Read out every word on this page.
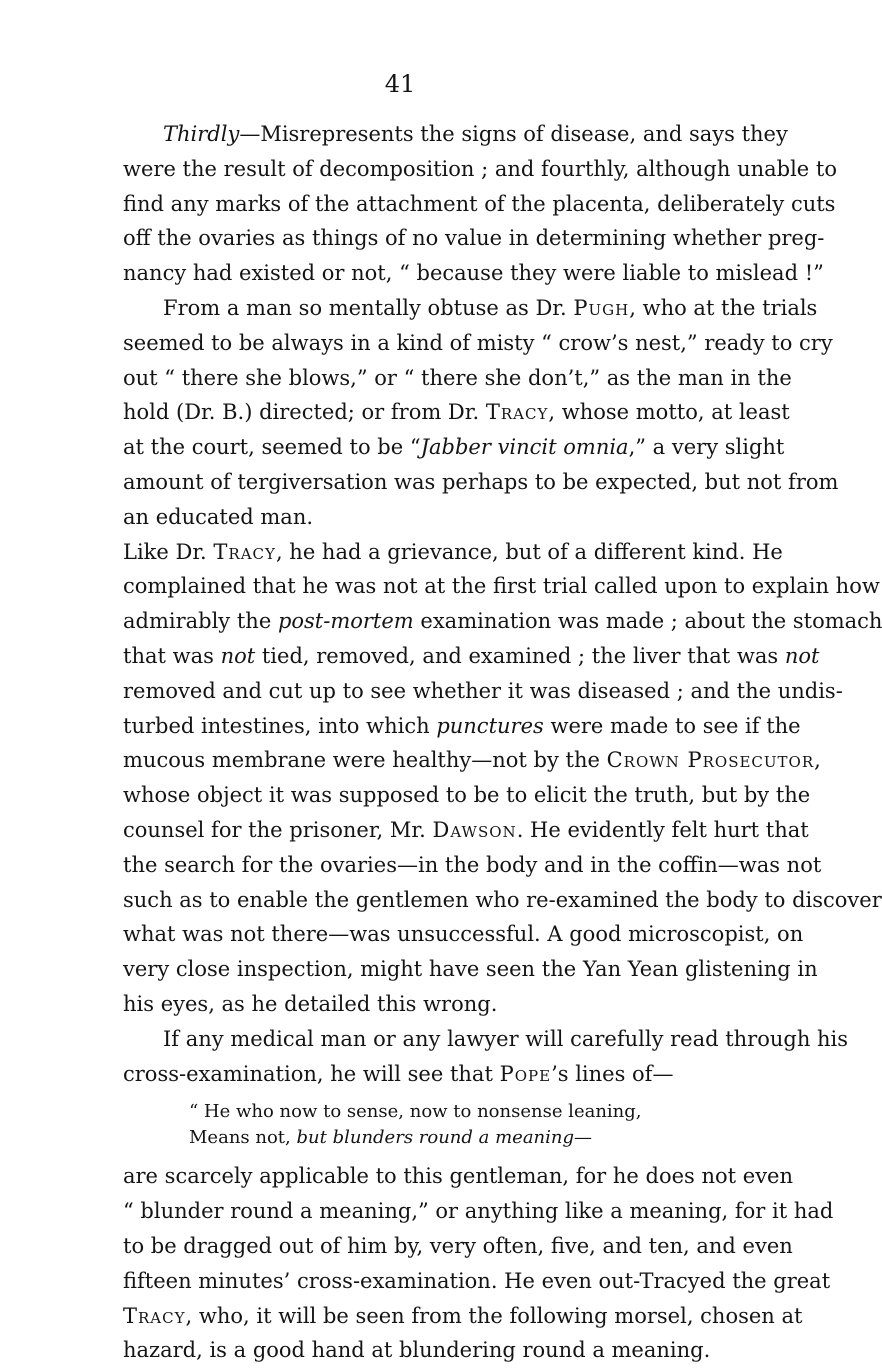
41
Thirdly—Misrepresents the signs of disease, and says they
were the result of decomposition ; and fourthly, although unable to
find any marks of the attachment of the placenta, deliberately cuts
off the ovaries as things of no value in determining whether preg-
nancy had existed or not, “ because they were liable to mislead !”
From a man so mentally obtuse as Dr. Pugh, who at the trials
seemed to be always in a kind of misty “ crow’s nest,” ready to cry
out “ there she blows,” or “ there she don’t,” as the man in the
hold (Dr. B.) directed; or from Dr. Tracy, whose motto, at least
at the court, seemed to be “Jabber vincit omnia,” a very slight
amount of tergiversation was perhaps to be expected, but not from
an educated man.
Like Dr. Tracy, he had a grievance, but of a different kind. He
complained that he was not at the first trial called upon to explain how
admirably the post-mortem examination was made ; about the stomach
that was not tied, removed, and examined ; the liver that was not
removed and cut up to see whether it was diseased ; and the undis-
turbed intestines, into which punctures were made to see if the
mucous membrane were healthy—not by the Crown Prosecutor,
whose object it was supposed to be to elicit the truth, but by the
counsel for the prisoner, Mr. Dawson. He evidently felt hurt that
the search for the ovaries—in the body and in the coffin—was not
such as to enable the gentlemen who re-examined the body to discover
what was not there—was unsuccessful. A good microscopist, on
very close inspection, might have seen the Yan Yean glistening in
his eyes, as he detailed this wrong.
If any medical man or any lawyer will carefully read through his
cross-examination, he will see that Pope’s lines of—
“ He who now to sense, now to nonsense leaning,
Means not, but blunders round a meaning—
are scarcely applicable to this gentleman, for he does not even
“ blunder round a meaning,” or anything like a meaning, for it had
to be dragged out of him by, very often, five, and ten, and even
fifteen minutes’ cross-examination. He even out-Tracyed the great
Tracy, who, it will be seen from the following morsel, chosen at
hazard, is a good hand at blundering round a meaning.
